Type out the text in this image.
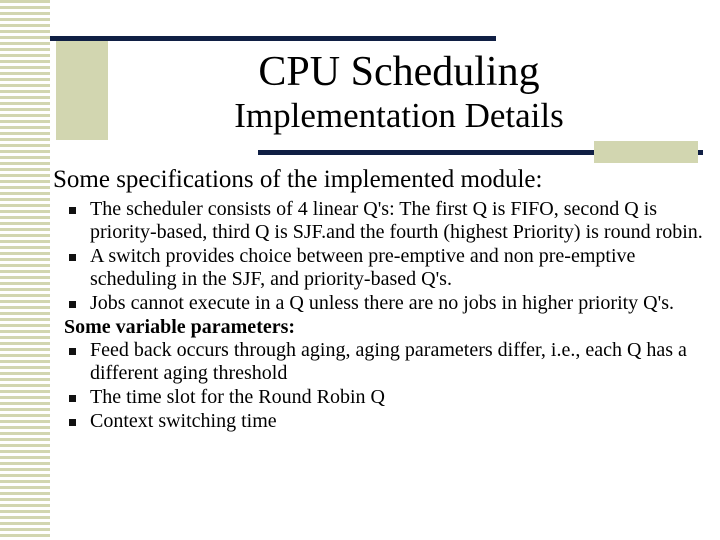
CPU Scheduling
Implementation Details
Some specifications of the implemented module:
The scheduler consists of 4 linear Q's: The first Q is FIFO, second Q is priority-based, third Q is SJF.and the fourth (highest Priority) is round robin.
A switch provides choice between pre-emptive and non pre-emptive scheduling in the SJF, and priority-based Q's.
Jobs cannot execute in a Q unless there are no jobs in higher priority Q's.
Some variable parameters:
Feed back occurs through aging, aging parameters differ, i.e., each Q has a different aging threshold
The time slot for the Round Robin Q
Context switching time
